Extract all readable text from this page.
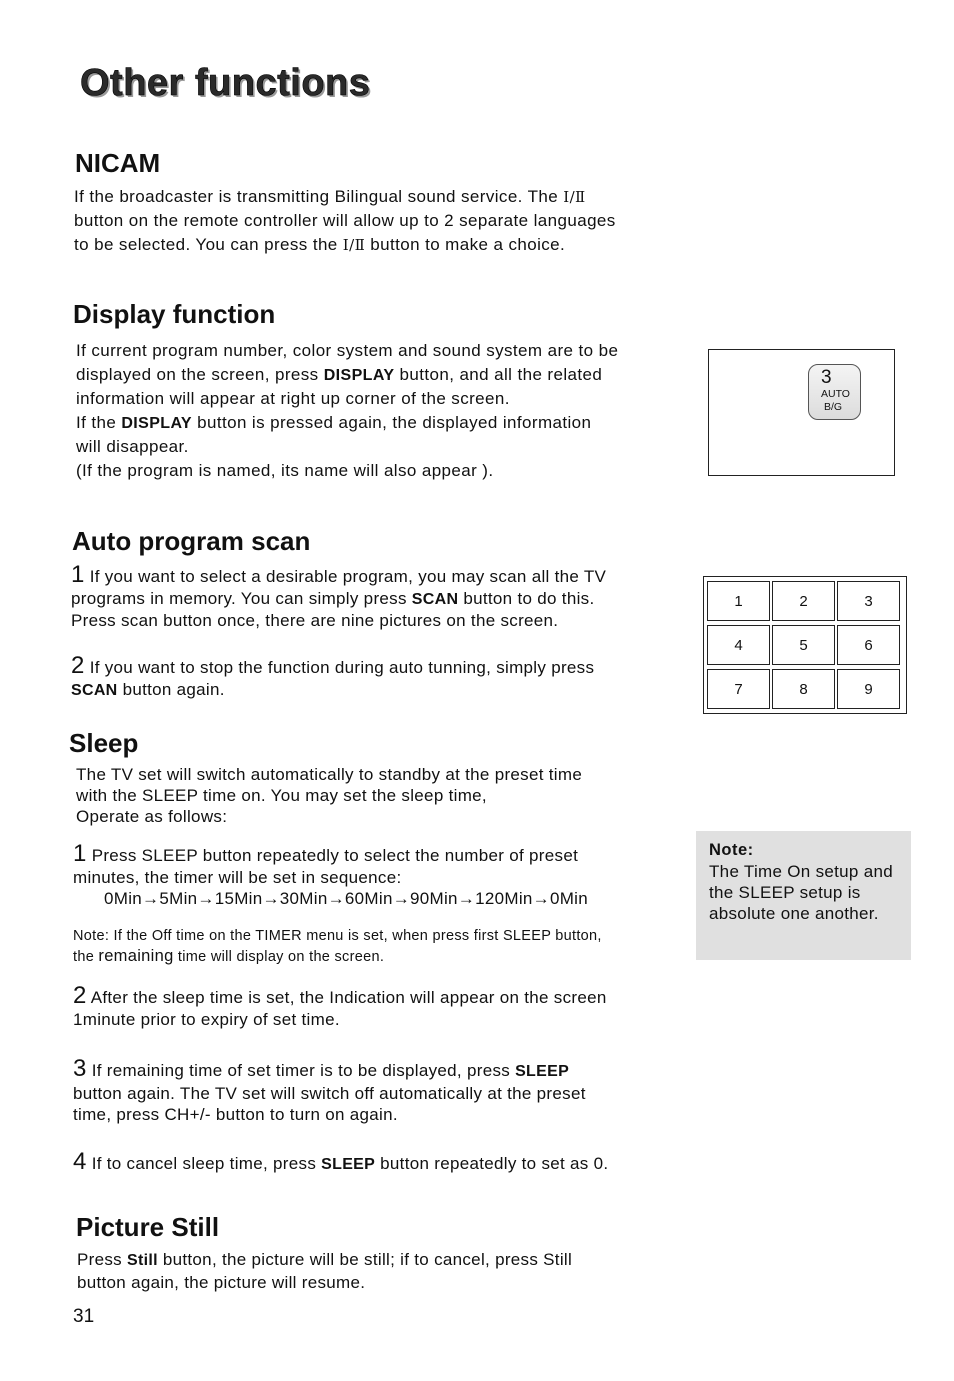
Other functions
NICAM
If the broadcaster is transmitting Bilingual sound service. The Ⅰ/Ⅱ
button on the remote controller will allow up to 2 separate languages
to be selected. You can press the Ⅰ/Ⅱ button to make a choice.
Display function
If current program number, color system and sound system are to be
displayed on the screen, press DISPLAY button, and all the related
information will appear at right up corner of the screen.
If the DISPLAY button is pressed again, the displayed information
will disappear.
(If the program is named, its name will also appear ).
3
AUTO
B/G
Auto program scan
1 If you want to select a desirable program, you may scan all the TV
programs in memory. You can simply press SCAN button to do this.
Press scan button once, there are nine pictures on the screen.
2 If you want to stop the function during auto tunning, simply press
SCAN button again.
1	2	3
4	5	6
7	8	9
Sleep
The TV set will switch automatically to standby at the preset time
with the SLEEP time on. You may set the sleep time,
Operate as follows:
1 Press SLEEP button repeatedly to select the number of preset
minutes, the timer will be set in sequence:
0Min→5Min→15Min→30Min→60Min→90Min→120Min→0Min
Note: If the Off time on the TIMER menu is set, when press first SLEEP button,
the remaining time will display on the screen.
2 After the sleep time is set, the Indication will appear on the screen
1minute prior to expiry of set time.
3 If remaining time of set timer is to be displayed, press SLEEP
button again. The TV set will switch off automatically at the preset
time, press CH+/- button to turn on again.
4 If to cancel sleep time, press SLEEP button repeatedly to set as 0.
Note:
The Time On setup and the SLEEP setup is absolute one another.
Picture Still
Press Still button, the picture will be still; if to cancel, press Still
button again, the picture will resume.
31
